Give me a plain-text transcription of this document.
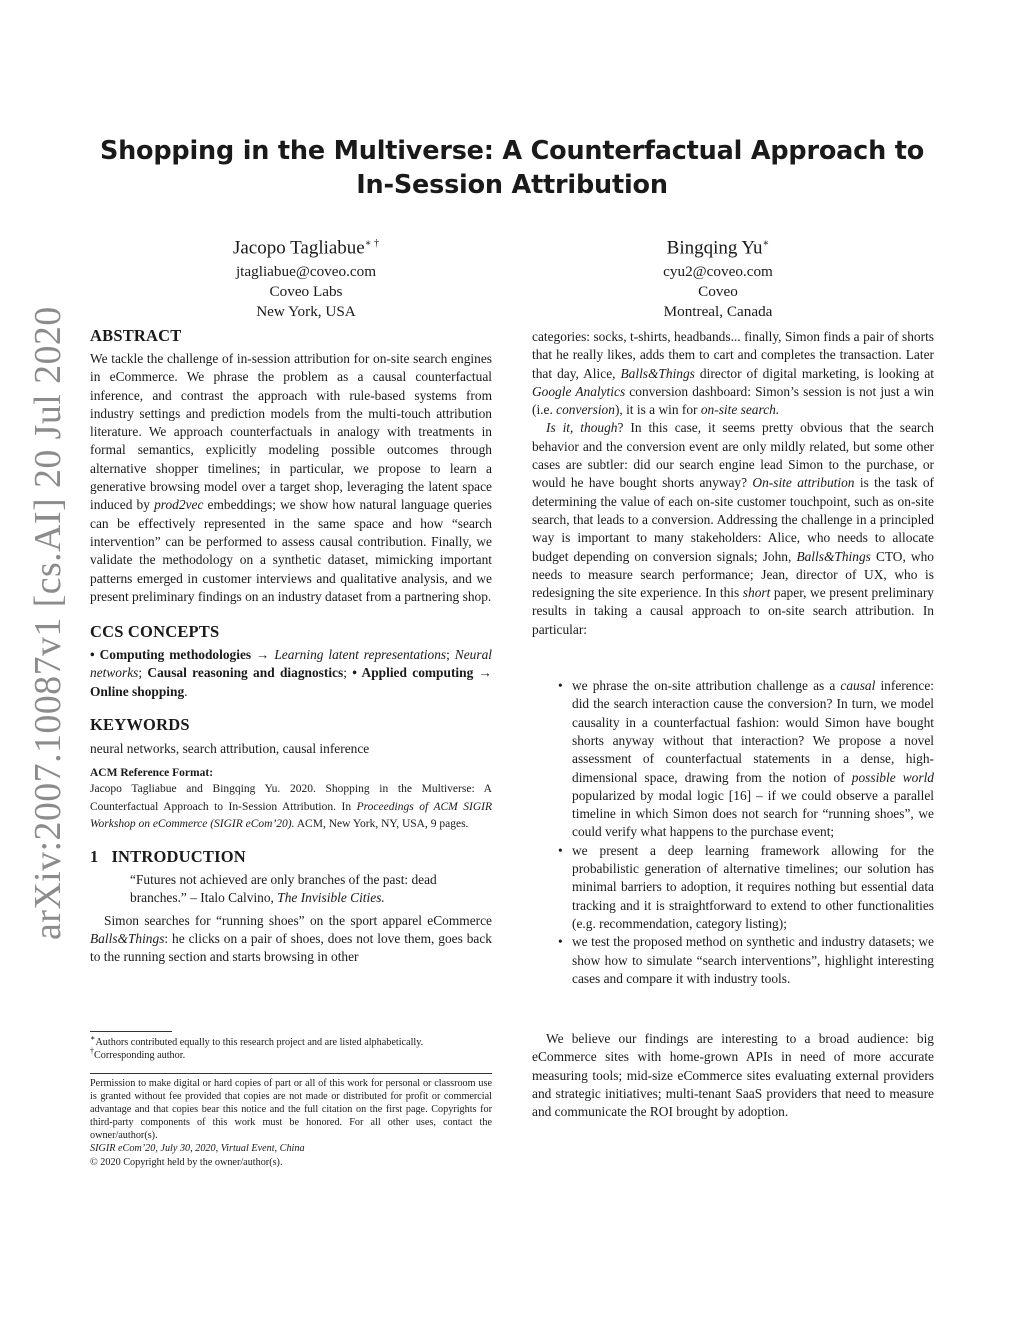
Shopping in the Multiverse: A Counterfactual Approach to
In-Session Attribution
Jacopo Tagliabue∗ †
jtagliabue@coveo.com
Coveo Labs
New York, USA
Bingqing Yu∗
cyu2@coveo.com
Coveo
Montreal, Canada
arXiv:2007.10087v1 [cs.AI] 20 Jul 2020 ABSTRACT

We tackle the challenge of in-session attribution for on-site search engines in eCommerce. We phrase the problem as a causal counterfactual inference, and contrast the approach with rule-based systems from industry settings and prediction models from the multi-touch attribution literature. We approach counterfactuals in analogy with treatments in formal semantics, explicitly modeling possible outcomes through alternative shopper timelines; in particular, we propose to learn a generative browsing model over a target shop, leveraging the latent space induced by prod2vec embeddings; we show how natural language queries can be effectively represented in the same space and how “search intervention” can be performed to assess causal contribution. Finally, we validate the methodology on a synthetic dataset, mimicking important patterns emerged in customer interviews and qualitative analysis, and we present preliminary findings on an industry dataset from a partnering shop.

CCS CONCEPTS

• Computing methodologies → Learning latent representations; Neural networks; Causal reasoning and diagnostics; • Applied computing → Online shopping.

KEYWORDS

neural networks, search attribution, causal inference

ACM Reference Format:

Jacopo Tagliabue and Bingqing Yu. 2020. Shopping in the Multiverse: A Counterfactual Approach to In-Session Attribution. In Proceedings of ACM SIGIR Workshop on eCommerce (SIGIR eCom’20). ACM, New York, NY, USA, 9 pages.

1 INTRODUCTION

“Futures not achieved are only branches of the past: dead branches.” – Italo Calvino, The Invisible Cities.

Simon searches for “running shoes” on the sport apparel eCommerce Balls&Things: he clicks on a pair of shoes, does not love them, goes back to the running section and starts browsing in other

∗Authors contributed equally to this research project and are listed alphabetically.

†Corresponding author.

Permission to make digital or hard copies of part or all of this work for personal or classroom use is granted without fee provided that copies are not made or distributed for profit or commercial advantage and that copies bear this notice and the full citation on the first page. Copyrights for third-party components of this work must be honored. For all other uses, contact the owner/author(s).

SIGIR eCom’20, July 30, 2020, Virtual Event, China

© 2020 Copyright held by the owner/author(s).

categories: socks, t-shirts, headbands... finally, Simon finds a pair of shorts that he really likes, adds them to cart and completes the transaction. Later that day, Alice, Balls&Things director of digital marketing, is looking at Google Analytics conversion dashboard: Simon’s session is not just a win (i.e. conversion), it is a win for on-site search.

Is it, though? In this case, it seems pretty obvious that the search behavior and the conversion event are only mildly related, but some other cases are subtler: did our search engine lead Simon to the purchase, or would he have bought shorts anyway? On-site attribution is the task of determining the value of each on-site customer touchpoint, such as on-site search, that leads to a conversion. Addressing the challenge in a principled way is important to many stakeholders: Alice, who needs to allocate budget depending on conversion signals; John, Balls&Things CTO, who needs to measure search performance; Jean, director of UX, who is redesigning the site experience. In this short paper, we present preliminary results in taking a causal approach to on-site search attribution. In particular:

• we phrase the on-site attribution challenge as a causal inference: did the search interaction cause the conversion? In turn, we model causality in a counterfactual fashion: would Simon have bought shorts anyway without that interaction? We propose a novel assessment of counterfactual statements in a dense, high-dimensional space, drawing from the notion of possible world popularized by modal logic [16] – if we could observe a parallel timeline in which Simon does not search for “running shoes”, we could verify what happens to the purchase event;
• we present a deep learning framework allowing for the probabilistic generation of alternative timelines; our solution has minimal barriers to adoption, it requires nothing but essential data tracking and it is straightforward to extend to other functionalities (e.g. recommendation, category listing);
• we test the proposed method on synthetic and industry datasets; we show how to simulate “search interventions”, highlight interesting cases and compare it with industry tools.

We believe our findings are interesting to a broad audience: big eCommerce sites with home-grown APIs in need of more accurate measuring tools; mid-size eCommerce sites evaluating external providers and strategic initiatives; multi-tenant SaaS providers that need to measure and communicate the ROI brought by adoption.
